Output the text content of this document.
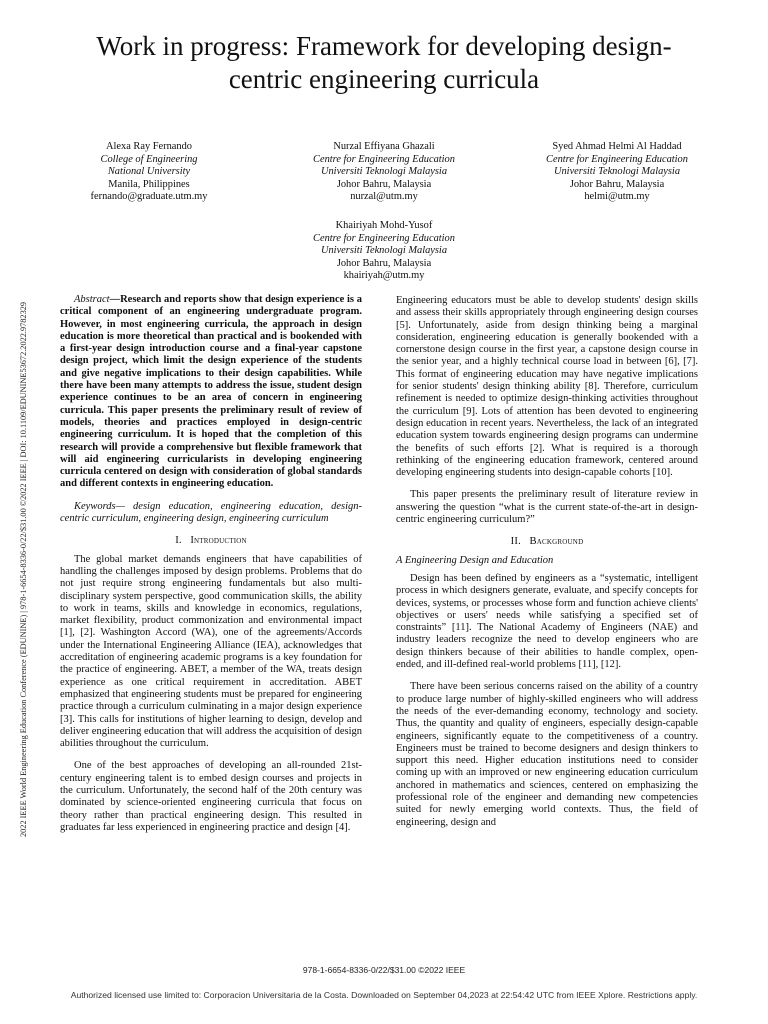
2022 IEEE World Engineering Education Conference (EDUNINE) | 978-1-6654-8336-0/22/$31.00 ©2022 IEEE | DOI: 10.1109/EDUNINE53672.2022.9782329
Work in progress: Framework for developing design-centric engineering curricula
Alexa Ray Fernando
College of Engineering
National University
Manila, Philippines
fernando@graduate.utm.my
Nurzal Effiyana Ghazali
Centre for Engineering Education
Universiti Teknologi Malaysia
Johor Bahru, Malaysia
nurzal@utm.my
Syed Ahmad Helmi Al Haddad
Centre for Engineering Education
Universiti Teknologi Malaysia
Johor Bahru, Malaysia
helmi@utm.my
Khairiyah Mohd-Yusof
Centre for Engineering Education
Universiti Teknologi Malaysia
Johor Bahru, Malaysia
khairiyah@utm.my

Abstract—Research and reports show that design experience is a critical component of an engineering undergraduate program. However, in most engineering curricula, the approach in design education is more theoretical than practical and is bookended with a first-year design introduction course and a final-year capstone design project, which limit the design experience of the students and give negative implications to their design capabilities. While there have been many attempts to address the issue, student design experience continues to be an area of concern in engineering curricula. This paper presents the preliminary result of review of models, theories and practices employed in design-centric engineering curriculum. It is hoped that the completion of this research will provide a comprehensive but flexible framework that will aid engineering curricularists in developing engineering curricula centered on design with consideration of global standards and different contexts in engineering education.

Keywords— design education, engineering education, design-centric curriculum, engineering design, engineering curriculum

I. Introduction

The global market demands engineers that have capabilities of handling the challenges imposed by design problems. Problems that do not just require strong engineering fundamentals but also multi-disciplinary system perspective, good communication skills, the ability to work in teams, skills and knowledge in economics, regulations, market flexibility, product commonization and environmental impact [1], [2]. Washington Accord (WA), one of the agreements/Accords under the International Engineering Alliance (IEA), acknowledges that accreditation of engineering academic programs is a key foundation for the practice of engineering. ABET, a member of the WA, treats design experience as one critical requirement in accreditation. ABET emphasized that engineering students must be prepared for engineering practice through a curriculum culminating in a major design experience [3]. This calls for institutions of higher learning to design, develop and deliver engineering education that will address the acquisition of design abilities throughout the curriculum.

One of the best approaches of developing an all-rounded 21st-century engineering talent is to embed design courses and projects in the curriculum. Unfortunately, the second half of the 20th century was dominated by science-oriented engineering curricula that focus on theory rather than practical engineering design. This resulted in graduates far less experienced in engineering practice and design [4].

Engineering educators must be able to develop students' design skills and assess their skills appropriately through engineering design courses [5]. Unfortunately, aside from design thinking being a marginal consideration, engineering education is generally bookended with a cornerstone design course in the first year, a capstone design course in the senior year, and a highly technical course load in between [6], [7]. This format of engineering education may have negative implications for senior students' design thinking ability [8]. Therefore, curriculum refinement is needed to optimize design-thinking activities throughout the curriculum [9]. Lots of attention has been devoted to engineering design education in recent years. Nevertheless, the lack of an integrated education system towards engineering design programs can undermine the benefits of such efforts [2]. What is required is a thorough rethinking of the engineering education framework, centered around developing engineering students into design-capable cohorts [10].

This paper presents the preliminary result of literature review in answering the question “what is the current state-of-the-art in design-centric engineering curriculum?”

II. Background

A Engineering Design and Education

Design has been defined by engineers as a “systematic, intelligent process in which designers generate, evaluate, and specify concepts for devices, systems, or processes whose form and function achieve clients' objectives or users' needs while satisfying a specified set of constraints” [11]. The National Academy of Engineers (NAE) and industry leaders recognize the need to develop engineers who are design thinkers because of their abilities to handle complex, open-ended, and ill-defined real-world problems [11], [12].

There have been serious concerns raised on the ability of a country to produce large number of highly-skilled engineers who will address the needs of the ever-demanding economy, technology and society. Thus, the quantity and quality of engineers, especially design-capable engineers, significantly equate to the competitiveness of a country. Engineers must be trained to become designers and design thinkers to support this need. Higher education institutions need to consider coming up with an improved or new engineering education curriculum anchored in mathematics and sciences, centered on emphasizing the professional role of the engineer and demanding new competencies suited for newly emerging world contexts. Thus, the field of engineering, design and

978-1-6654-8336-0/22/$31.00 ©2022 IEEE
Authorized licensed use limited to: Corporacion Universitaria de la Costa. Downloaded on September 04,2023 at 22:54:42 UTC from IEEE Xplore. Restrictions apply.
